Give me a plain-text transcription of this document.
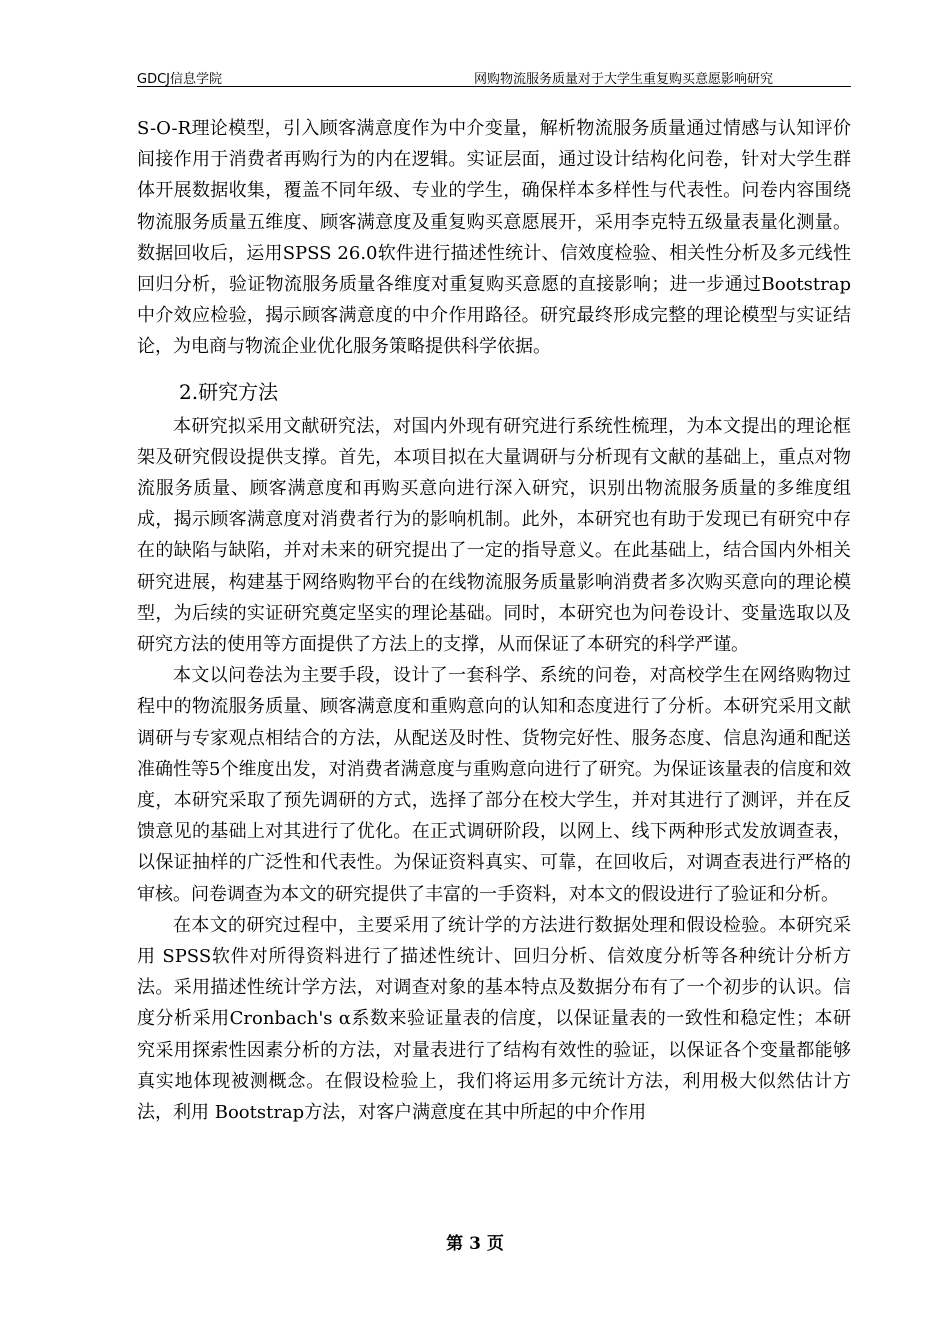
GDCJ信息学院	网购物流服务质量对于大学生重复购买意愿影响研究

S-O-R理论模型，引入顾客满意度作为中介变量，解析物流服务质量通过情感与认知评价间接作用于消费者再购行为的内在逻辑。实证层面，通过设计结构化问卷，针对大学生群体开展数据收集，覆盖不同年级、专业的学生，确保样本多样性与代表性。问卷内容围绕物流服务质量五维度、顾客满意度及重复购买意愿展开，采用李克特五级量表量化测量。数据回收后，运用SPSS 26.0软件进行描述性统计、信效度检验、相关性分析及多元线性回归分析，验证物流服务质量各维度对重复购买意愿的直接影响；进一步通过Bootstrap中介效应检验，揭示顾客满意度的中介作用路径。研究最终形成完整的理论模型与实证结论，为电商与物流企业优化服务策略提供科学依据。

2.研究方法

本研究拟采用文献研究法，对国内外现有研究进行系统性梳理，为本文提出的理论框架及研究假设提供支撑。首先，本项目拟在大量调研与分析现有文献的基础上，重点对物流服务质量、顾客满意度和再购买意向进行深入研究，识别出物流服务质量的多维度组成，揭示顾客满意度对消费者行为的影响机制。此外，本研究也有助于发现已有研究中存在的缺陷与缺陷，并对未来的研究提出了一定的指导意义。在此基础上，结合国内外相关研究进展，构建基于网络购物平台的在线物流服务质量影响消费者多次购买意向的理论模型，为后续的实证研究奠定坚实的理论基础。同时，本研究也为问卷设计、变量选取以及研究方法的使用等方面提供了方法上的支撑，从而保证了本研究的科学严谨。

本文以问卷法为主要手段，设计了一套科学、系统的问卷，对高校学生在网络购物过程中的物流服务质量、顾客满意度和重购意向的认知和态度进行了分析。本研究采用文献调研与专家观点相结合的方法，从配送及时性、货物完好性、服务态度、信息沟通和配送准确性等5个维度出发，对消费者满意度与重购意向进行了研究。为保证该量表的信度和效度，本研究采取了预先调研的方式，选择了部分在校大学生，并对其进行了测评，并在反馈意见的基础上对其进行了优化。在正式调研阶段，以网上、线下两种形式发放调查表，以保证抽样的广泛性和代表性。为保证资料真实、可靠，在回收后，对调查表进行严格的审核。问卷调查为本文的研究提供了丰富的一手资料，对本文的假设进行了验证和分析。

在本文的研究过程中，主要采用了统计学的方法进行数据处理和假设检验。本研究采用 SPSS软件对所得资料进行了描述性统计、回归分析、信效度分析等各种统计分析方法。采用描述性统计学方法，对调查对象的基本特点及数据分布有了一个初步的认识。信度分析采用Cronbach's α系数来验证量表的信度，以保证量表的一致性和稳定性；本研究采用探索性因素分析的方法，对量表进行了结构有效性的验证，以保证各个变量都能够真实地体现被测概念。在假设检验上，我们将运用多元统计方法，利用极大似然估计方法，利用 Bootstrap方法，对客户满意度在其中所起的中介作用

第 3 页
